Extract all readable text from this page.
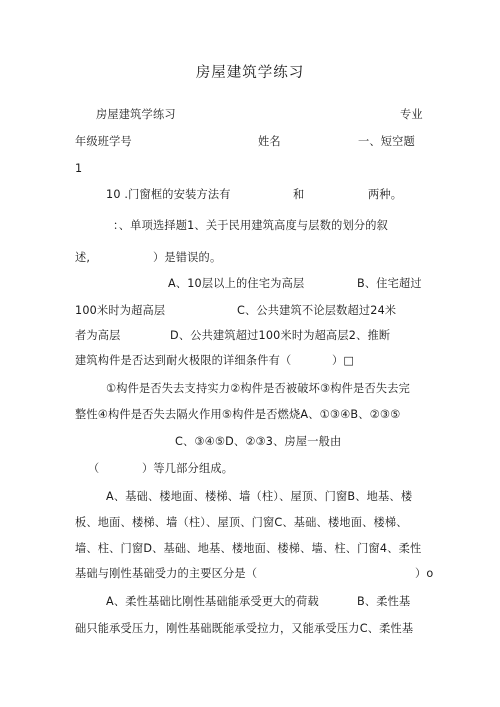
房屋建筑学练习
房屋建筑学练习	专业
年级班学号	姓名	一、短空题
1
10 .门窗框的安装方法有	和	两种。
：、单项选择题1、关于民用建筑高度与层数的划分的叙
述,	）是错误的。
A、10层以上的住宅为高层	B、住宅超过
100米时为超高层	C、公共建筑不论层数超过24米
者为高层	D、公共建筑超过100米时为超高层2、推断
建筑构件是否达到耐火极限的详细条件有（	）□
①构件是否失去支持实力②构件是否被破坏③构件是否失去完
整性④构件是否失去隔火作用⑤构件是否燃烧A、①③④B、②③⑤
C、③④⑤D、②③3、房屋一般由
（	）等几部分组成。
A、基础、楼地面、楼梯、墙（柱）、屋顶、门窗B、地基、楼
板、地面、楼梯、墙（柱）、屋顶、门窗C、基础、楼地面、楼梯、
墙、柱、门窗D、基础、地基、楼地面、楼梯、墙、柱、门窗4、柔性
基础与刚性基础受力的主要区分是（	）o
A、柔性基础比刚性基础能承受更大的荷载	B、柔性基
础只能承受压力，刚性基础既能承受拉力，又能承受压力C、柔性基
